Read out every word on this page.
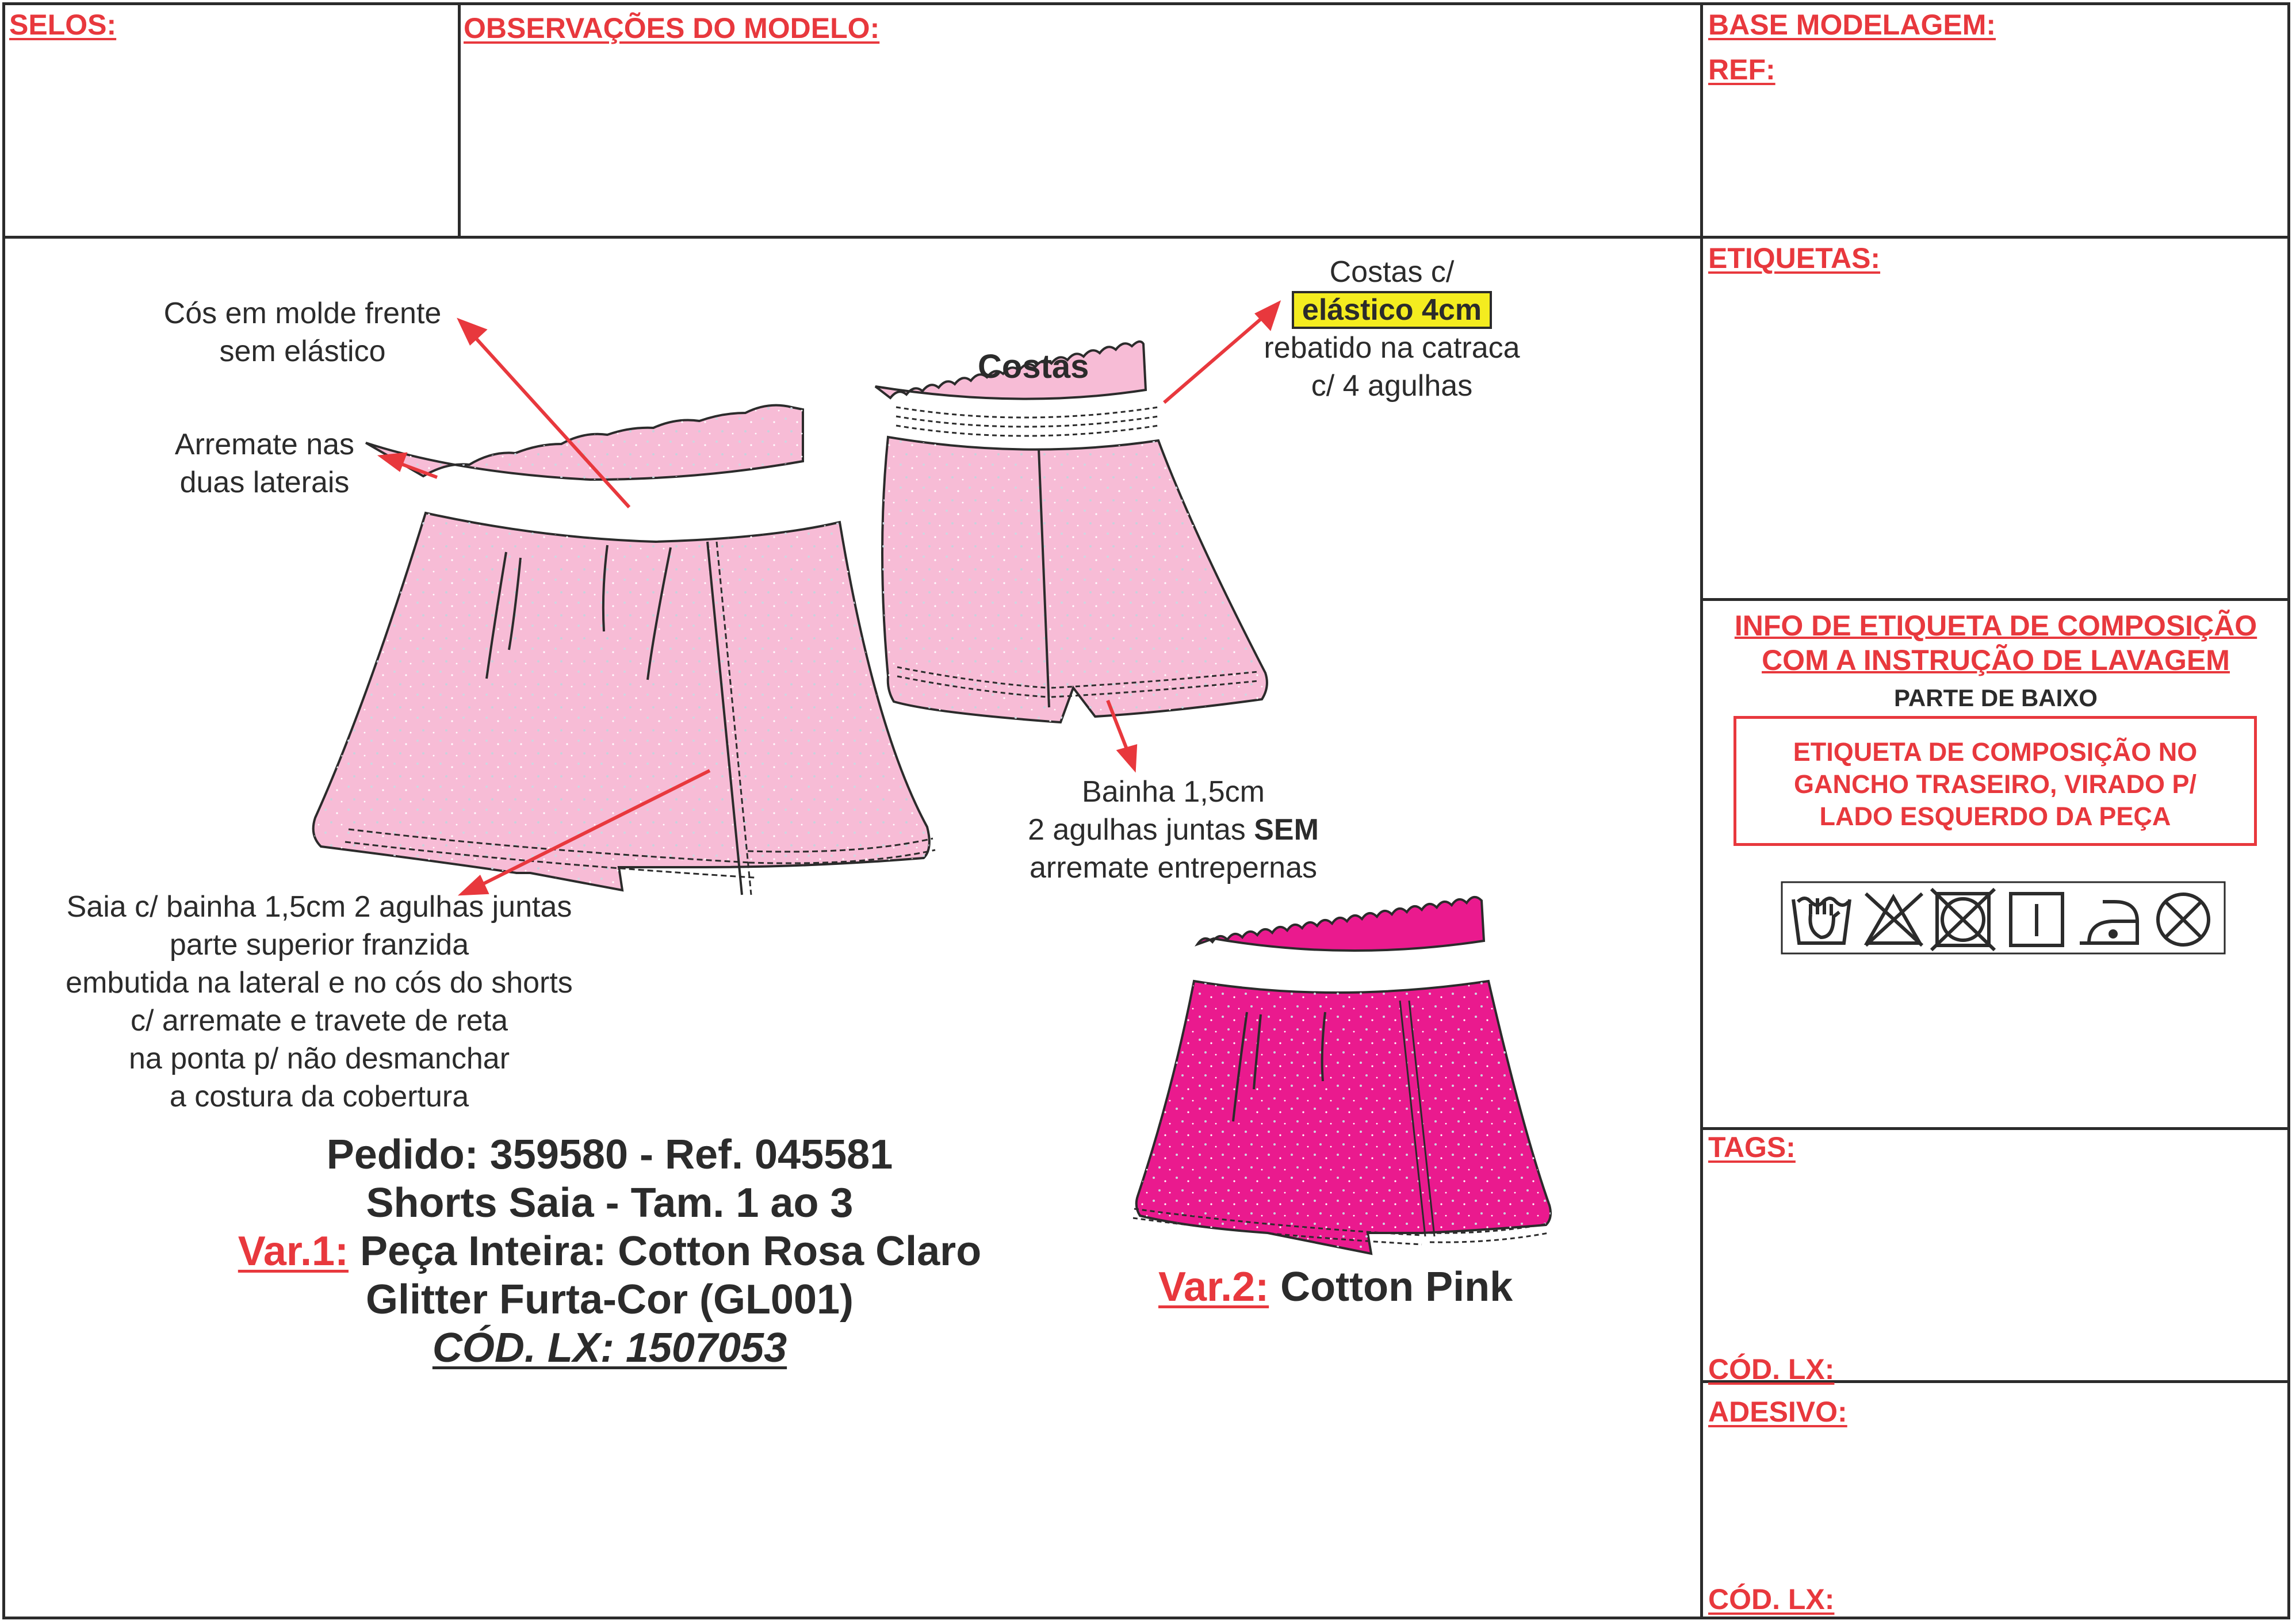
SELOS:	OBSERVAÇÕES DO MODELO:	BASE MODELAGEM:
REF:
ETIQUETAS:
INFO DE ETIQUETA DE COMPOSIÇÃO
COM A INSTRUÇÃO DE LAVAGEM
PARTE DE BAIXO
ETIQUETA DE COMPOSIÇÃO NO
GANCHO TRASEIRO, VIRADO P/
LADO ESQUERDO DA PEÇA
TAGS:
CÓD. LX:
ADESIVO:
CÓD. LX:
Cós em molde frente
sem elástico
Arremate nas
duas laterais
Costas
Costas c/
elástico 4cm
rebatido na catraca
c/ 4 agulhas
Bainha 1,5cm
2 agulhas juntas SEM
arremate entrepernas
Saia c/ bainha 1,5cm 2 agulhas juntas
parte superior franzida
embutida na lateral e no cós do shorts
c/ arremate e travete de reta
na ponta p/ não desmanchar
a costura da cobertura
Pedido: 359580 - Ref. 045581
Shorts Saia - Tam. 1 ao 3
Var.1: Peça Inteira: Cotton Rosa Claro
Glitter Furta-Cor (GL001)
CÓD. LX: 1507053
Var.2: Cotton Pink
